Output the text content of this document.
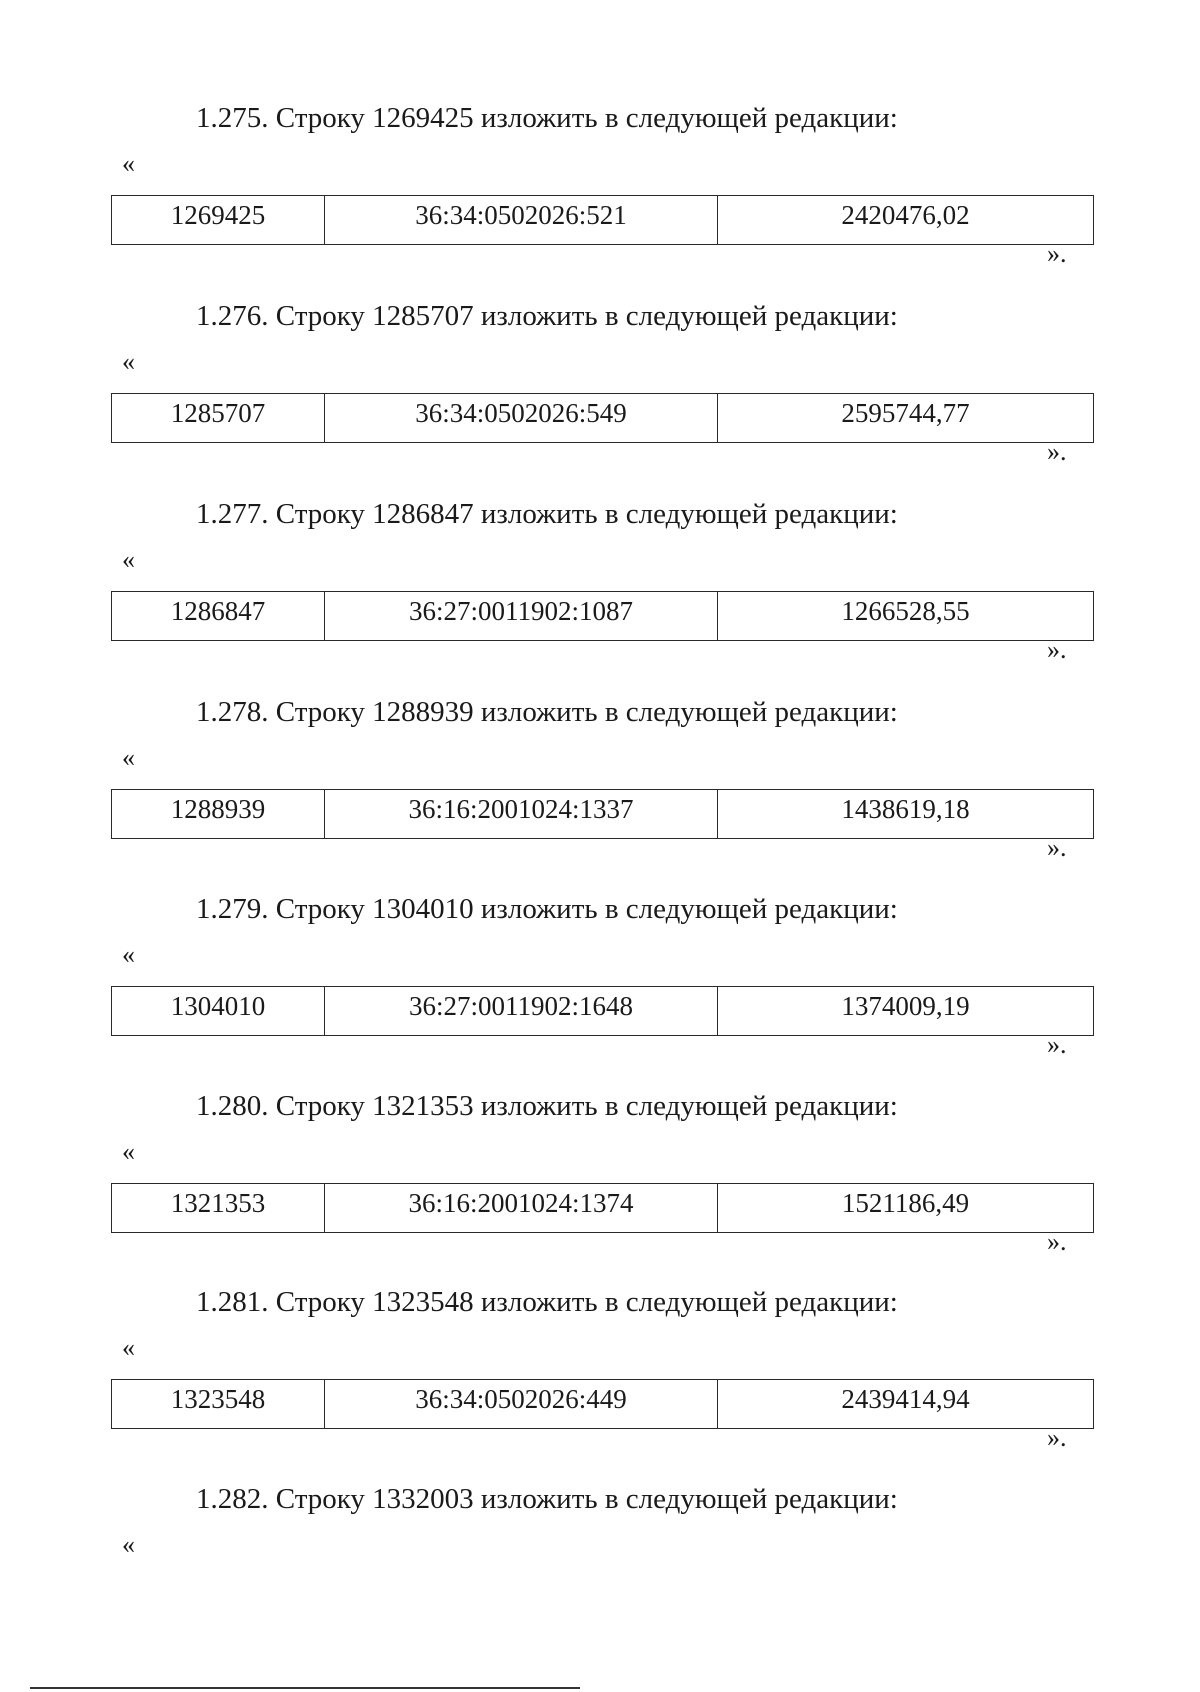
1.275. Строку 1269425 изложить в следующей редакции:
«
1269425	36:34:0502026:521	2420476,02
».
1.276. Строку 1285707 изложить в следующей редакции:
«
1285707	36:34:0502026:549	2595744,77
».
1.277. Строку 1286847 изложить в следующей редакции:
«
1286847	36:27:0011902:1087	1266528,55
».
1.278. Строку 1288939 изложить в следующей редакции:
«
1288939	36:16:2001024:1337	1438619,18
».
1.279. Строку 1304010 изложить в следующей редакции:
«
1304010	36:27:0011902:1648	1374009,19
».
1.280. Строку 1321353 изложить в следующей редакции:
«
1321353	36:16:2001024:1374	1521186,49
».
1.281. Строку 1323548 изложить в следующей редакции:
«
1323548	36:34:0502026:449	2439414,94
».
1.282. Строку 1332003 изложить в следующей редакции:
«
